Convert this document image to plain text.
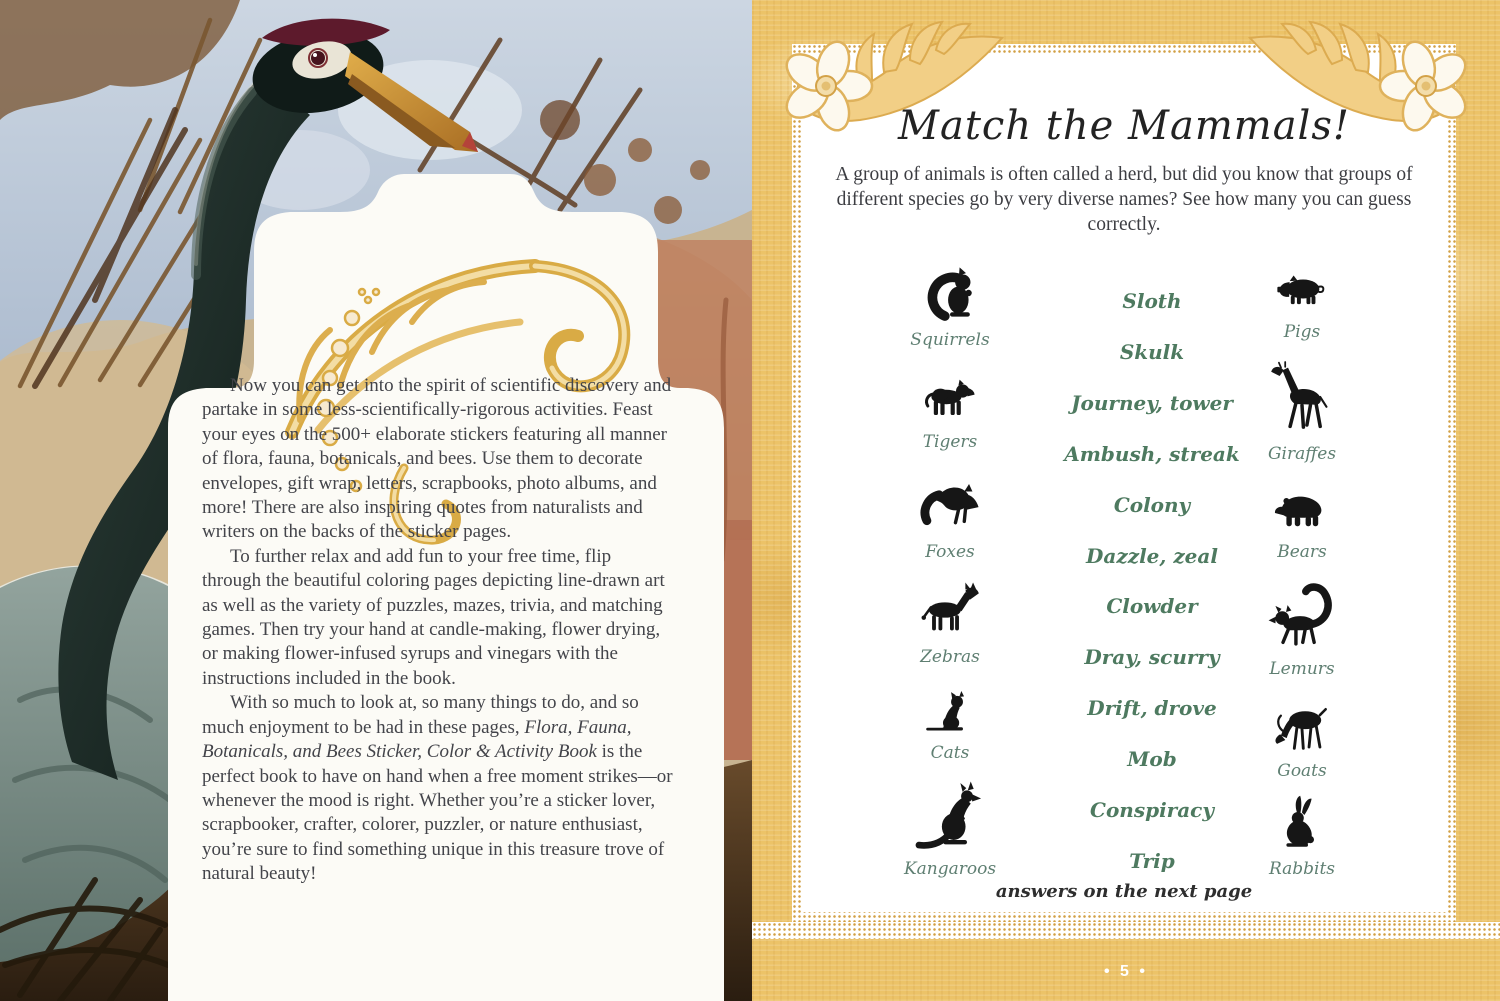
Now you can get into the spirit of scientific discovery and partake in some less-scientifically-rigorous activities. Feast your eyes on the 500+ elaborate stickers featuring all manner of flora, fauna, botanicals, and bees. Use them to decorate envelopes, gift wrap, letters, scrapbooks, photo albums, and more! There are also inspiring quotes from naturalists and writers on the backs of the sticker pages.

To further relax and add fun to your free time, flip through the beautiful coloring pages depicting line-drawn art as well as the variety of puzzles, mazes, trivia, and matching games. Then try your hand at candle-making, flower drying, or making flower-infused syrups and vinegars with the instructions included in the book.

With so much to look at, so many things to do, and so much enjoyment to be had in these pages, Flora, Fauna, Botanicals, and Bees Sticker, Color & Activity Book is the perfect book to have on hand when a free moment strikes—or whenever the mood is right. Whether you’re a sticker lover, scrapbooker, crafter, colorer, puzzler, or nature enthusiast, you’re sure to find something unique in this treasure trove of natural beauty!

Match the Mammals!

A group of animals is often called a herd, but did you know that groups of different species go by very diverse names? See how many you can guess correctly.

Squirrels
Tigers
Foxes
Zebras
Cats
Kangaroos
Sloth
Skulk
Journey, tower
Ambush, streak
Colony
Dazzle, zeal
Clowder
Dray, scurry
Drift, drove
Mob
Conspiracy
Trip
Pigs
Giraffes
Bears
Lemurs
Goats
Rabbits
answers on the next page
• 5 •
